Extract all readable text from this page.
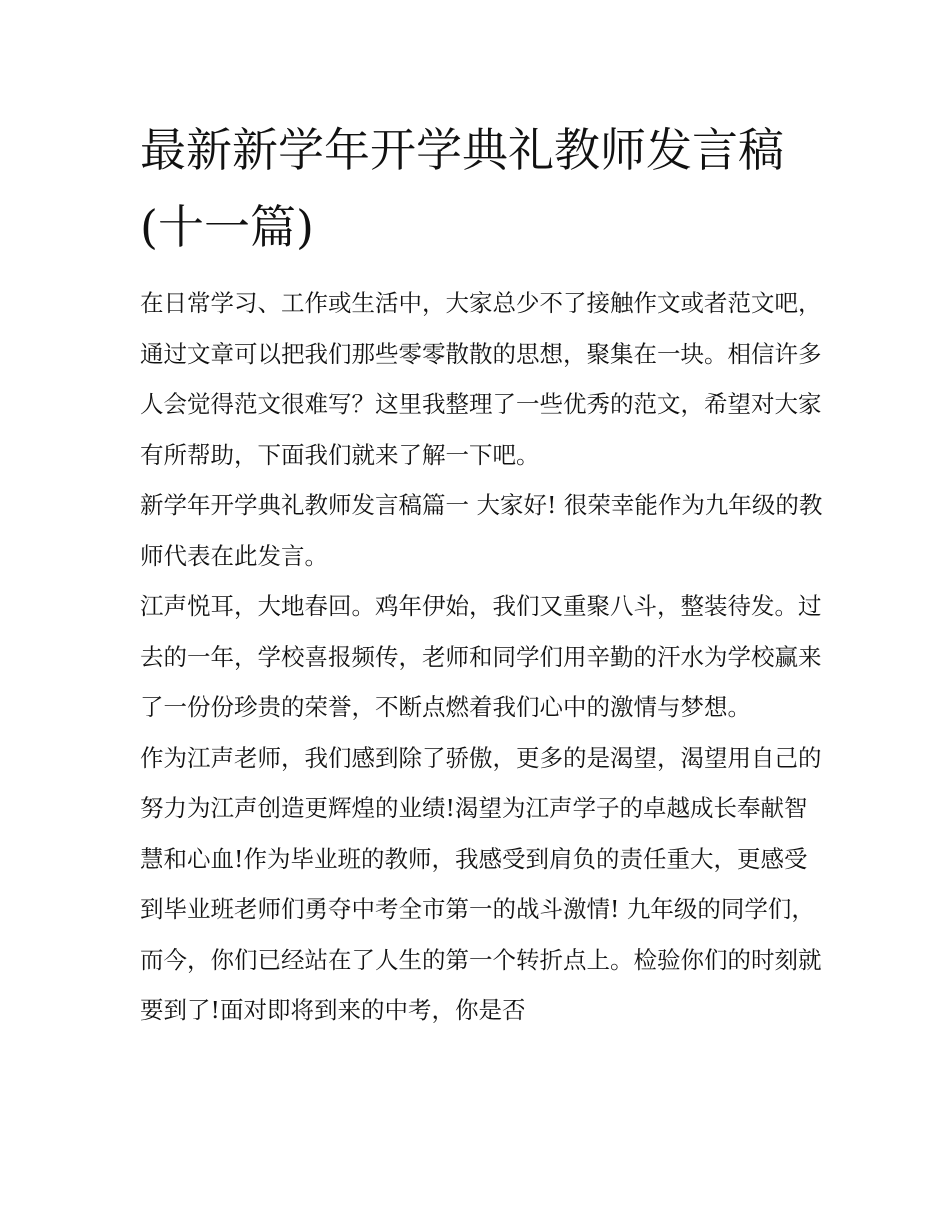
最新新学年开学典礼教师发言稿(十一篇)

在日常学习、工作或生活中，大家总少不了接触作文或者范文吧，通过文章可以把我们那些零零散散的思想，聚集在一块。相信许多人会觉得范文很难写？这里我整理了一些优秀的范文，希望对大家有所帮助，下面我们就来了解一下吧。

新学年开学典礼教师发言稿篇一 大家好! 很荣幸能作为九年级的教师代表在此发言。

江声悦耳，大地春回。鸡年伊始，我们又重聚八斗，整装待发。过去的一年，学校喜报频传，老师和同学们用辛勤的汗水为学校赢来了一份份珍贵的荣誉，不断点燃着我们心中的激情与梦想。

作为江声老师，我们感到除了骄傲，更多的是渴望，渴望用自己的努力为江声创造更辉煌的业绩!渴望为江声学子的卓越成长奉献智慧和心血!作为毕业班的教师，我感受到肩负的责任重大，更感受到毕业班老师们勇夺中考全市第一的战斗激情! 九年级的同学们，而今，你们已经站在了人生的第一个转折点上。检验你们的时刻就要到了!面对即将到来的中考，你是否
